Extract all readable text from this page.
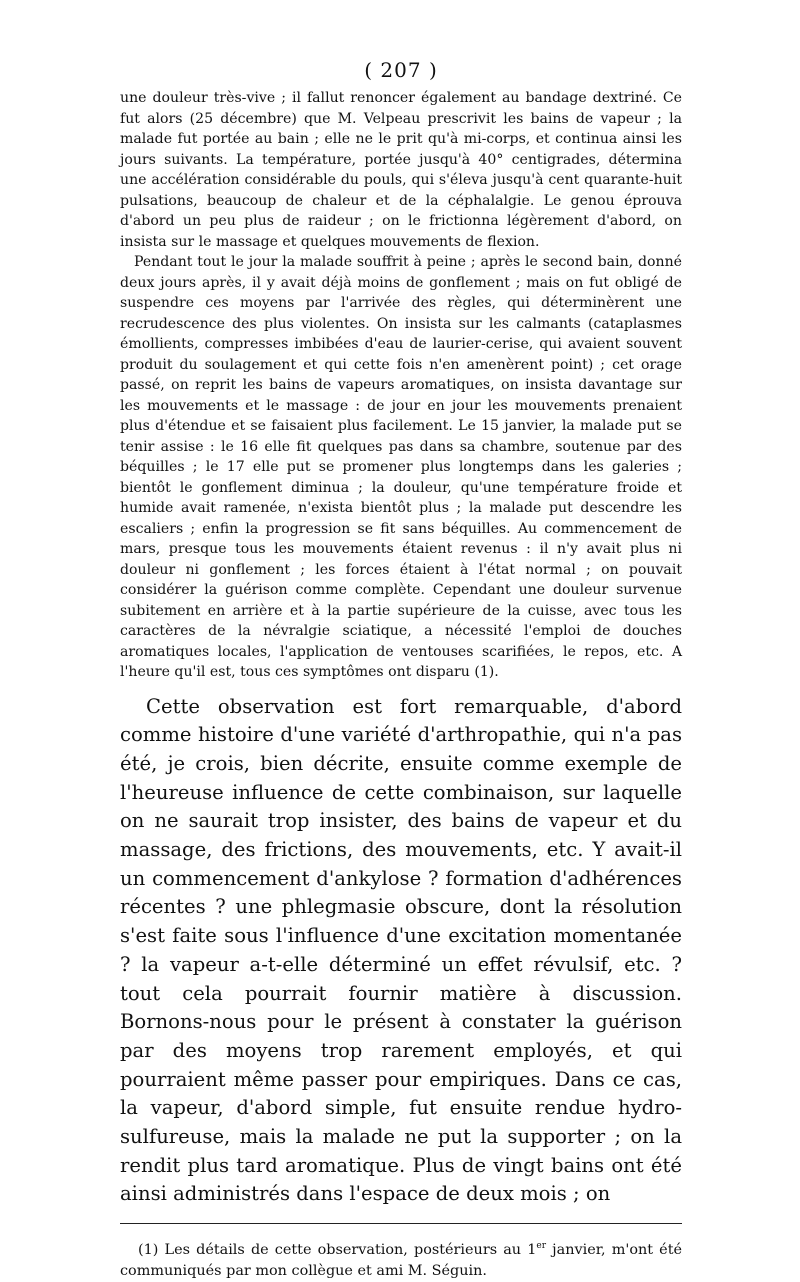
( 207 )

une douleur très-vive ; il fallut renoncer également au bandage dextriné. Ce fut alors (25 décembre) que M. Velpeau prescrivit les bains de vapeur ; la malade fut portée au bain ; elle ne le prit qu'à mi-corps, et continua ainsi les jours suivants. La température, portée jusqu'à 40° centigrades, détermina une accélération considérable du pouls, qui s'éleva jusqu'à cent quarante-huit pulsations, beaucoup de chaleur et de la céphalalgie. Le genou éprouva d'abord un peu plus de raideur ; on le frictionna légèrement d'abord, on insista sur le massage et quelques mouvements de flexion.

Pendant tout le jour la malade souffrit à peine ; après le second bain, donné deux jours après, il y avait déjà moins de gonflement ; mais on fut obligé de suspendre ces moyens par l'arrivée des règles, qui déterminèrent une recrudescence des plus violentes. On insista sur les calmants (cataplasmes émollients, compresses imbibées d'eau de laurier-cerise, qui avaient souvent produit du soulagement et qui cette fois n'en amenèrent point) ; cet orage passé, on reprit les bains de vapeurs aromatiques, on insista davantage sur les mouvements et le massage : de jour en jour les mouvements prenaient plus d'étendue et se faisaient plus facilement. Le 15 janvier, la malade put se tenir assise : le 16 elle fit quelques pas dans sa chambre, soutenue par des béquilles ; le 17 elle put se promener plus longtemps dans les galeries ; bientôt le gonflement diminua ; la douleur, qu'une température froide et humide avait ramenée, n'exista bientôt plus ; la malade put descendre les escaliers ; enfin la progression se fit sans béquilles. Au commencement de mars, presque tous les mouvements étaient revenus : il n'y avait plus ni douleur ni gonflement ; les forces étaient à l'état normal ; on pouvait considérer la guérison comme complète. Cependant une douleur survenue subitement en arrière et à la partie supérieure de la cuisse, avec tous les caractères de la névralgie sciatique, a nécessité l'emploi de douches aromatiques locales, l'application de ventouses scarifiées, le repos, etc. A l'heure qu'il est, tous ces symptômes ont disparu (1).

Cette observation est fort remarquable, d'abord comme histoire d'une variété d'arthropathie, qui n'a pas été, je crois, bien décrite, ensuite comme exemple de l'heureuse influence de cette combinaison, sur laquelle on ne saurait trop insister, des bains de vapeur et du massage, des frictions, des mouvements, etc. Y avait-il un commencement d'ankylose ? formation d'adhérences récentes ? une phlegmasie obscure, dont la résolution s'est faite sous l'influence d'une excitation momentanée ? la vapeur a-t-elle déterminé un effet révulsif, etc. ? tout cela pourrait fournir matière à discussion. Bornons-nous pour le présent à constater la guérison par des moyens trop rarement employés, et qui pourraient même passer pour empiriques. Dans ce cas, la vapeur, d'abord simple, fut ensuite rendue hydro-sulfureuse, mais la malade ne put la supporter ; on la rendit plus tard aromatique. Plus de vingt bains ont été ainsi administrés dans l'espace de deux mois ; on

(1) Les détails de cette observation, postérieurs au 1er janvier, m'ont été communiqués par mon collègue et ami M. Séguin.
